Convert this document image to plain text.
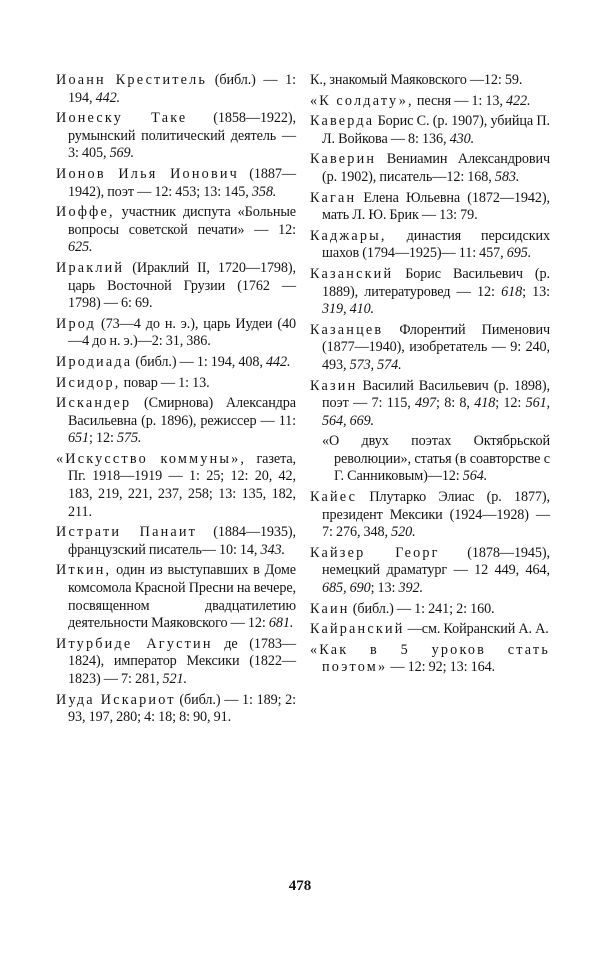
Иоанн Креститель (библ.) — 1: 194, 442.
Ионеску Таке (1858—1922), румынский политический деятель — 3: 405, 569.
Ионов Илья Ионович (1887—1942), поэт — 12: 453; 13: 145, 358.
Иоффе, участник диспута «Больные вопросы советской печати» — 12: 625.
Ираклий (Ираклий II, 1720—1798), царь Восточной Грузии (1762 — 1798) — 6: 69.
Ирод (73—4 до н. э.), царь Иудеи (40—4 до н. э.)—2: 31, 386.
Иродиада (библ.) — 1: 194, 408, 442.
Исидор, повар — 1: 13.
Искандер (Смирнова) Александра Васильевна (р. 1896), режиссер — 11: 651; 12: 575.
«Искусство коммуны», газета, Пг. 1918—1919 — 1: 25; 12: 20, 42, 183, 219, 221, 237, 258; 13: 135, 182, 211.
Истрати Панаит (1884—1935), французский писатель— 10: 14, 343.
Иткин, один из выступавших в Доме комсомола Красной Пресни на вечере, посвященном двадцатилетию деятельности Маяковского — 12: 681.
Итурбиде Агустин де (1783—1824), император Мексики (1822—1823) — 7: 281, 521.
Иуда Искариот (библ.) — 1: 189; 2: 93, 197, 280; 4: 18; 8: 90, 91.
К., знакомый Маяковского —12: 59.
«К солдату», песня — 1: 13, 422.
Каверда Борис С. (р. 1907), убийца П. Л. Войкова — 8: 136, 430.
Каверин Вениамин Александрович (р. 1902), писатель—12: 168, 583.
Каган Елена Юльевна (1872—1942), мать Л. Ю. Брик — 13: 79.
Каджары, династия персидских шахов (1794—1925)— 11: 457, 695.
Казанский Борис Васильевич (р. 1889), литературовед — 12: 618; 13: 319, 410.
Казанцев Флорентий Пименович (1877—1940), изобретатель — 9: 240, 493, 573, 574.
Казин Василий Васильевич (р. 1898), поэт — 7: 115, 497; 8: 8, 418; 12: 561, 564, 669.
«О двух поэтах Октябрьской революции», статья (в соавторстве с Г. Санниковым)—12: 564.
Кайес Плутарко Элиас (р. 1877), президент Мексики (1924—1928) — 7: 276, 348, 520.
Кайзер Георг (1878—1945), немецкий драматург — 12 449, 464, 685, 690; 13: 392.
Каин (библ.) — 1: 241; 2: 160.
Кайранский —см. Койранский А. А.
«Как в 5 уроков стать поэтом» — 12: 92; 13: 164.
478
